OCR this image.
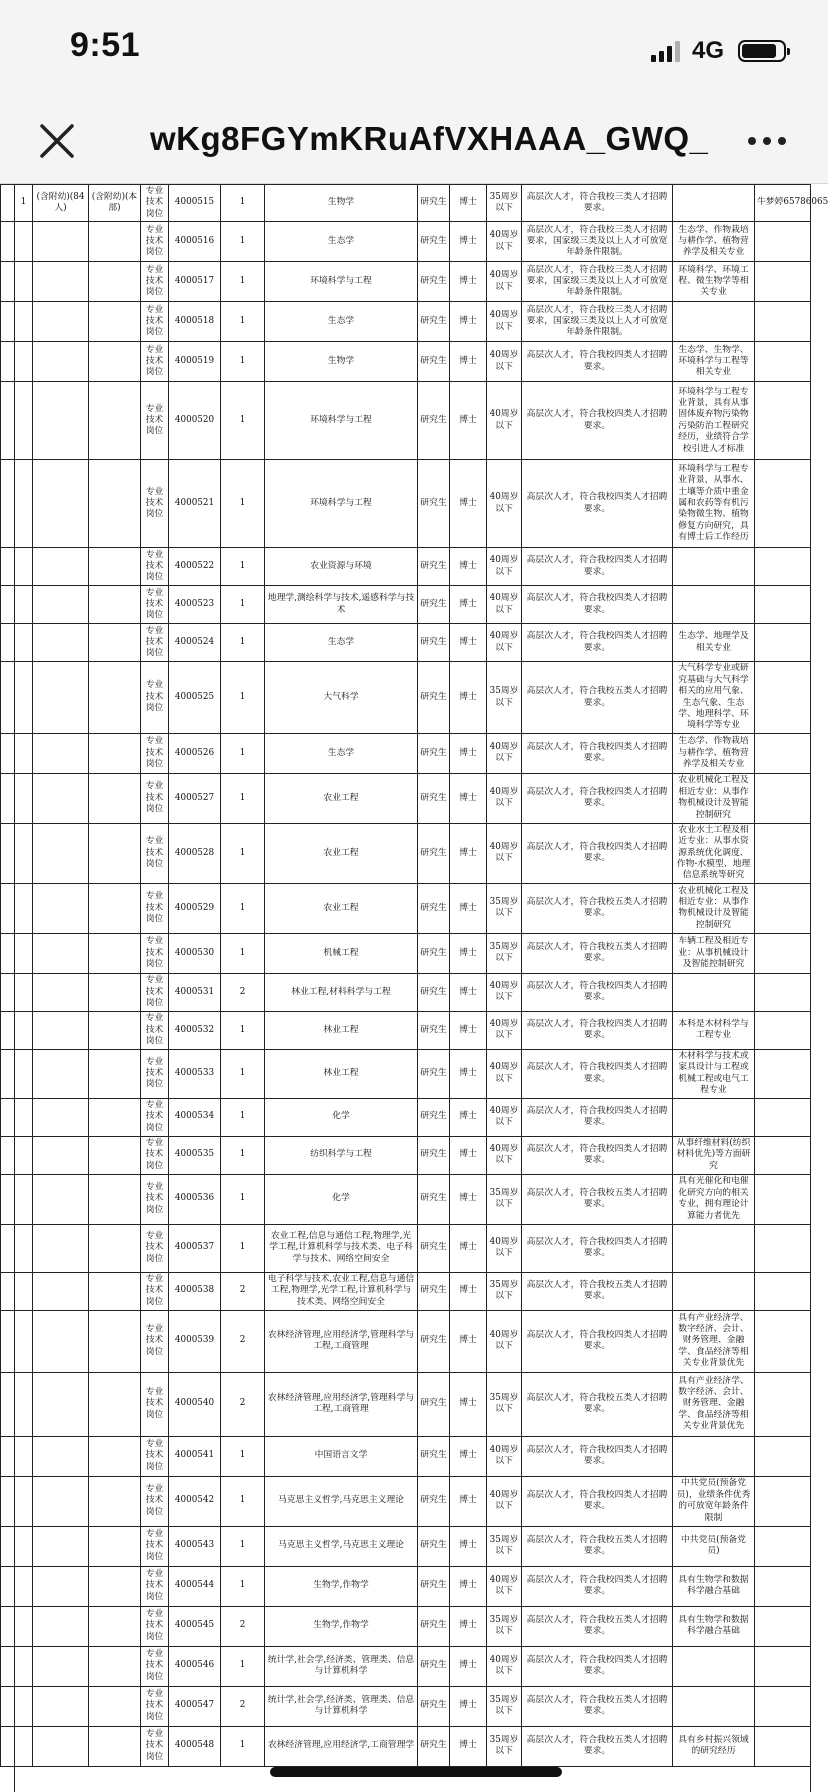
9:51	4G
wKg8FGYmKRuAfVXHAAA_GWQ_
	1	(含附幼)(84人)	(含附幼)(本部)	专业技术岗位	4000515	1	生物学	研究生	博士	35周岁以下	高层次人才，符合我校三类人才招聘要求。		牛梦婷65786065
				专业技术岗位	4000516	1	生态学	研究生	博士	40周岁以下	高层次人才，符合我校三类人才招聘要求，国家级三类及以上人才可放宽年龄条件限制。	生态学、作物栽培与耕作学、植物营养学及相关专业	
				专业技术岗位	4000517	1	环境科学与工程	研究生	博士	40周岁以下	高层次人才，符合我校三类人才招聘要求，国家级三类及以上人才可放宽年龄条件限制。	环境科学、环境工程、微生物学等相关专业	
				专业技术岗位	4000518	1	生态学	研究生	博士	40周岁以下	高层次人才，符合我校三类人才招聘要求，国家级三类及以上人才可放宽年龄条件限制。		
				专业技术岗位	4000519	1	生物学	研究生	博士	40周岁以下	高层次人才，符合我校四类人才招聘要求。	生态学、生物学、环境科学与工程等相关专业	
				专业技术岗位	4000520	1	环境科学与工程	研究生	博士	40周岁以下	高层次人才，符合我校四类人才招聘要求。	环境科学与工程专业背景，具有从事固体废弃物污染物污染防治工程研究经历，业绩符合学校引进人才标准	
				专业技术岗位	4000521	1	环境科学与工程	研究生	博士	40周岁以下	高层次人才，符合我校四类人才招聘要求。	环境科学与工程专业背景，从事水、土壤等介质中重金属和农药等有机污染物微生物、植物修复方向研究，具有博士后工作经历	
				专业技术岗位	4000522	1	农业资源与环境	研究生	博士	40周岁以下	高层次人才，符合我校四类人才招聘要求。		
				专业技术岗位	4000523	1	地理学,测绘科学与技术,遥感科学与技术	研究生	博士	40周岁以下	高层次人才，符合我校四类人才招聘要求。		
				专业技术岗位	4000524	1	生态学	研究生	博士	40周岁以下	高层次人才，符合我校四类人才招聘要求。	生态学、地理学及相关专业	
				专业技术岗位	4000525	1	大气科学	研究生	博士	35周岁以下	高层次人才，符合我校五类人才招聘要求。	大气科学专业或研究基础与大气科学相关的应用气象、生态气象、生态学、地理科学、环境科学等专业	
				专业技术岗位	4000526	1	生态学	研究生	博士	40周岁以下	高层次人才，符合我校四类人才招聘要求。	生态学、作物栽培与耕作学、植物营养学及相关专业	
				专业技术岗位	4000527	1	农业工程	研究生	博士	40周岁以下	高层次人才，符合我校四类人才招聘要求。	农业机械化工程及相近专业：从事作物机械设计及智能控制研究	
				专业技术岗位	4000528	1	农业工程	研究生	博士	40周岁以下	高层次人才，符合我校四类人才招聘要求。	农业水土工程及相近专业：从事水资源系统优化调度、作物-水模型、地理信息系统等研究	
				专业技术岗位	4000529	1	农业工程	研究生	博士	35周岁以下	高层次人才，符合我校五类人才招聘要求。	农业机械化工程及相近专业：从事作物机械设计及智能控制研究	
				专业技术岗位	4000530	1	机械工程	研究生	博士	35周岁以下	高层次人才，符合我校五类人才招聘要求。	车辆工程及相近专业：从事机械设计及智能控制研究	
				专业技术岗位	4000531	2	林业工程,材料科学与工程	研究生	博士	40周岁以下	高层次人才，符合我校四类人才招聘要求。		
				专业技术岗位	4000532	1	林业工程	研究生	博士	40周岁以下	高层次人才，符合我校四类人才招聘要求。	本科是木材科学与工程专业	
				专业技术岗位	4000533	1	林业工程	研究生	博士	40周岁以下	高层次人才，符合我校四类人才招聘要求。	木材科学与技术或家具设计与工程或机械工程或电气工程专业	
				专业技术岗位	4000534	1	化学	研究生	博士	40周岁以下	高层次人才，符合我校四类人才招聘要求。		
				专业技术岗位	4000535	1	纺织科学与工程	研究生	博士	40周岁以下	高层次人才，符合我校四类人才招聘要求。	从事纤维材料(纺织材料优先)等方面研究	
				专业技术岗位	4000536	1	化学	研究生	博士	35周岁以下	高层次人才，符合我校五类人才招聘要求。	具有光催化和电催化研究方向的相关专业，拥有理论计算能力者优先	
				专业技术岗位	4000537	1	农业工程,信息与通信工程,物理学,光学工程,计算机科学与技术类、电子科学与技术、网络空间安全	研究生	博士	40周岁以下	高层次人才，符合我校四类人才招聘要求。		
				专业技术岗位	4000538	2	电子科学与技术,农业工程,信息与通信工程,物理学,光学工程,计算机科学与技术类、网络空间安全	研究生	博士	35周岁以下	高层次人才，符合我校五类人才招聘要求。		
				专业技术岗位	4000539	2	农林经济管理,应用经济学,管理科学与工程,工商管理	研究生	博士	40周岁以下	高层次人才，符合我校四类人才招聘要求。	具有产业经济学、数字经济、会计、财务管理、金融学、食品经济等相关专业背景优先	
				专业技术岗位	4000540	2	农林经济管理,应用经济学,管理科学与工程,工商管理	研究生	博士	35周岁以下	高层次人才，符合我校五类人才招聘要求。	具有产业经济学、数字经济、会计、财务管理、金融学、食品经济等相关专业背景优先	
				专业技术岗位	4000541	1	中国语言文学	研究生	博士	40周岁以下	高层次人才，符合我校四类人才招聘要求。		
				专业技术岗位	4000542	1	马克思主义哲学,马克思主义理论	研究生	博士	40周岁以下	高层次人才，符合我校四类人才招聘要求。	中共党员(预备党员)，业绩条件优秀的可放宽年龄条件限制	
				专业技术岗位	4000543	1	马克思主义哲学,马克思主义理论	研究生	博士	35周岁以下	高层次人才，符合我校五类人才招聘要求。	中共党员(预备党员)	
				专业技术岗位	4000544	1	生物学,作物学	研究生	博士	40周岁以下	高层次人才，符合我校四类人才招聘要求。	具有生物学和数据科学融合基础	
				专业技术岗位	4000545	2	生物学,作物学	研究生	博士	35周岁以下	高层次人才，符合我校五类人才招聘要求。	具有生物学和数据科学融合基础	
				专业技术岗位	4000546	1	统计学,社会学,经济类、管理类、信息与计算机科学	研究生	博士	40周岁以下	高层次人才，符合我校四类人才招聘要求。		
				专业技术岗位	4000547	2	统计学,社会学,经济类、管理类、信息与计算机科学	研究生	博士	35周岁以下	高层次人才，符合我校五类人才招聘要求。		
				专业技术岗位	4000548	1	农林经济管理,应用经济学,工商管理学	研究生	博士	35周岁以下	高层次人才，符合我校五类人才招聘要求。	具有乡村振兴领域的研究经历	
